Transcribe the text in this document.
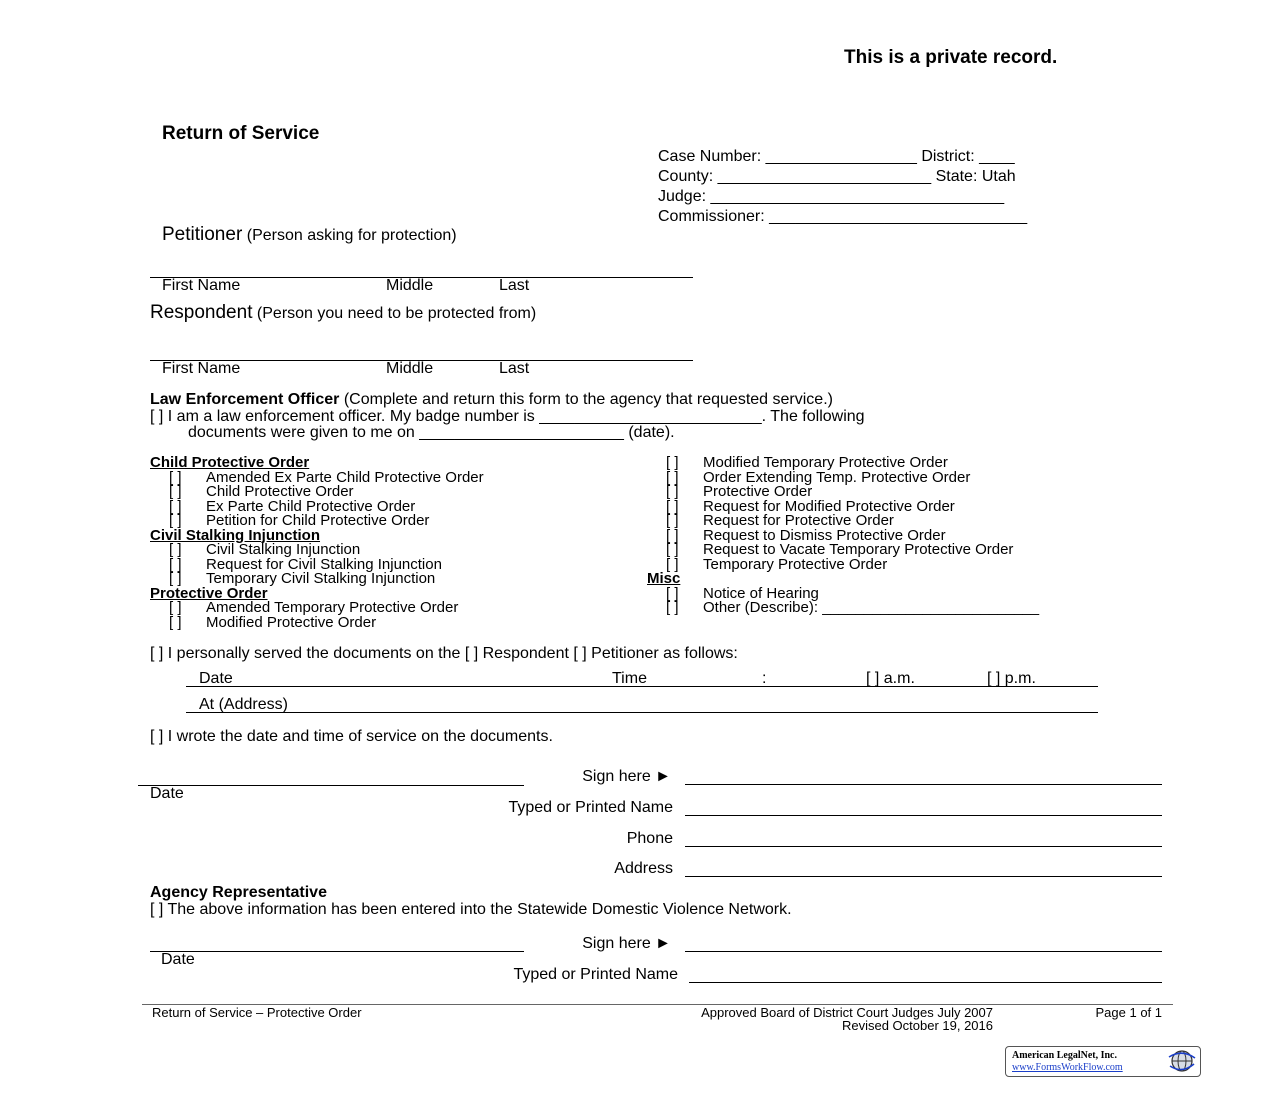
This is a private record.
Return of Service
Case Number: _________________ District: ____
County: ________________________ State: Utah
Judge: _________________________________
Commissioner: _____________________________
Petitioner (Person asking for protection)
First Name	Middle	Last
Respondent (Person you need to be protected from)
First Name	Middle	Last
Law Enforcement Officer (Complete and return this form to the agency that requested service.)
[ ] I am a law enforcement officer. My badge number is _________________________. The following
documents were given to me on _______________________ (date).
Child Protective Order
[ ] Amended Ex Parte Child Protective Order
[ ] Child Protective Order
[ ] Ex Parte Child Protective Order
[ ] Petition for Child Protective Order
Civil Stalking Injunction
[ ] Civil Stalking Injunction
[ ] Request for Civil Stalking Injunction
[ ] Temporary Civil Stalking Injunction
Protective Order
[ ] Amended Temporary Protective Order
[ ] Modified Protective Order
[ ] Modified Temporary Protective Order
[ ] Order Extending Temp. Protective Order
[ ] Protective Order
[ ] Request for Modified Protective Order
[ ] Request for Protective Order
[ ] Request to Dismiss Protective Order
[ ] Request to Vacate Temporary Protective Order
[ ] Temporary Protective Order
Misc
[ ] Notice of Hearing
[ ] Other (Describe): __________________________
[ ] I personally served the documents on the [ ] Respondent [ ] Petitioner as follows:
Date	Time	:	[ ] a.m.	[ ] p.m.
At (Address)
[ ] I wrote the date and time of service on the documents.
Date
Sign here ►
Typed or Printed Name
Phone
Address
Agency Representative
[ ] The above information has been entered into the Statewide Domestic Violence Network.
Date
Sign here ►
Typed or Printed Name
Return of Service – Protective Order	Approved Board of District Court Judges July 2007
Revised October 19, 2016
Page 1 of 1
American LegalNet, Inc.
www.FormsWorkFlow.com
